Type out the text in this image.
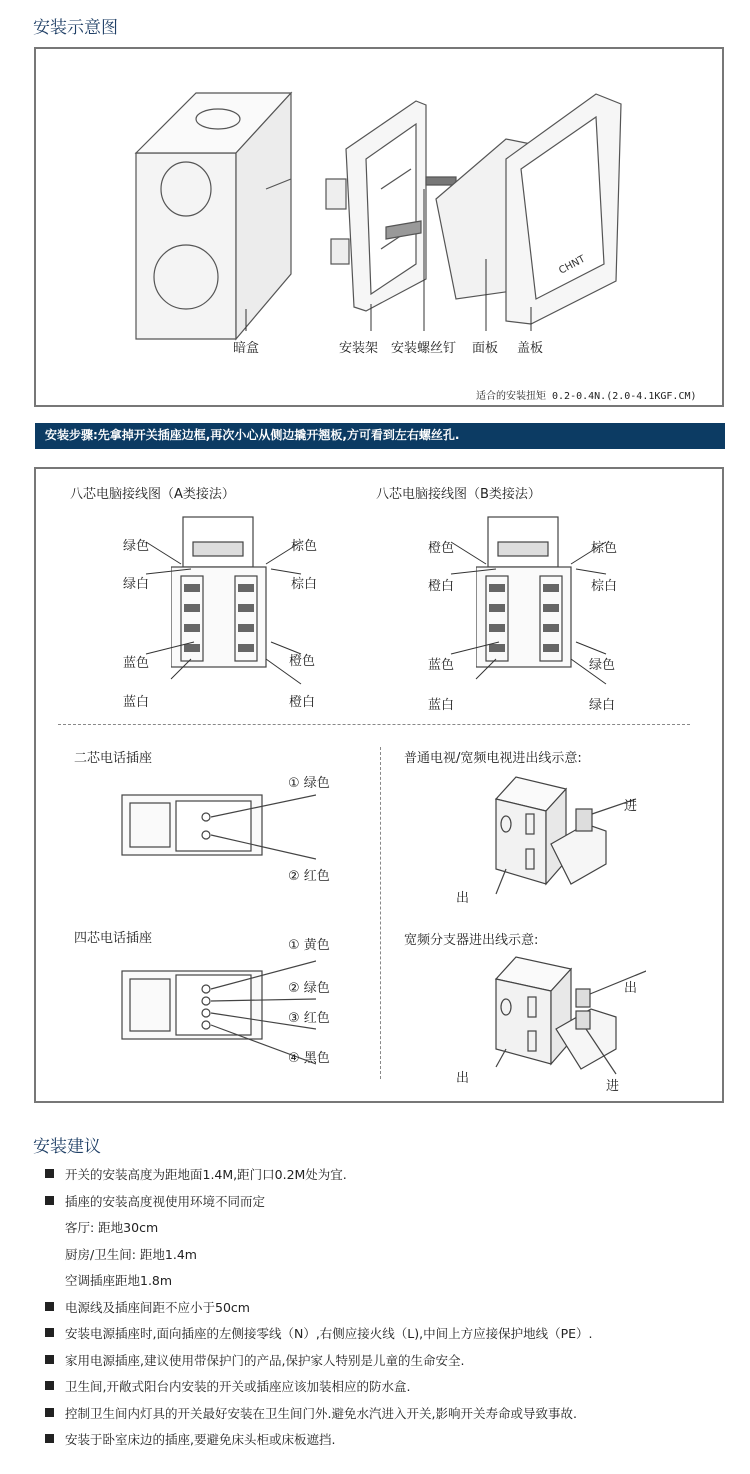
安装示意图
CHNT
暗盒	安装架 安装螺丝钉 面板 盖板
适合的安装扭矩 0.2-0.4N.(2.0-4.1KGF.CM)
安装步骤:先拿掉开关插座边框,再次小心从侧边撬开翘板,方可看到左右螺丝孔.
八芯电脑接线图（A类接法）	八芯电脑接线图（B类接法）
绿色
绿白
蓝色
蓝白
棕色
棕白
橙色
橙白
橙色
橙白
蓝色
蓝白
棕色
棕白
绿色
绿白
二芯电话插座
① 绿色
② 红色
四芯电话插座	① 黄色
② 绿色
③ 红色
④ 黑色
普通电视/宽频电视进出线示意:
进
出
宽频分支器进出线示意:
出
出
进
安装建议
开关的安装高度为距地面1.4M,距门口0.2M处为宜.
插座的安装高度视使用环境不同而定
客厅: 距地30cm
厨房/卫生间: 距地1.4m
空调插座距地1.8m
电源线及插座间距不应小于50cm
安装电源插座时,面向插座的左侧接零线（N）,右侧应接火线（L),中间上方应接保护地线（PE）.
家用电源插座,建议使用带保护门的产品,保护家人特别是儿童的生命安全.
卫生间,开敞式阳台内安装的开关或插座应该加装相应的防水盒.
控制卫生间内灯具的开关最好安装在卫生间门外.避免水汽进入开关,影响开关寿命或导致事故.
安装于卧室床边的插座,要避免床头柜或床板遮挡.
